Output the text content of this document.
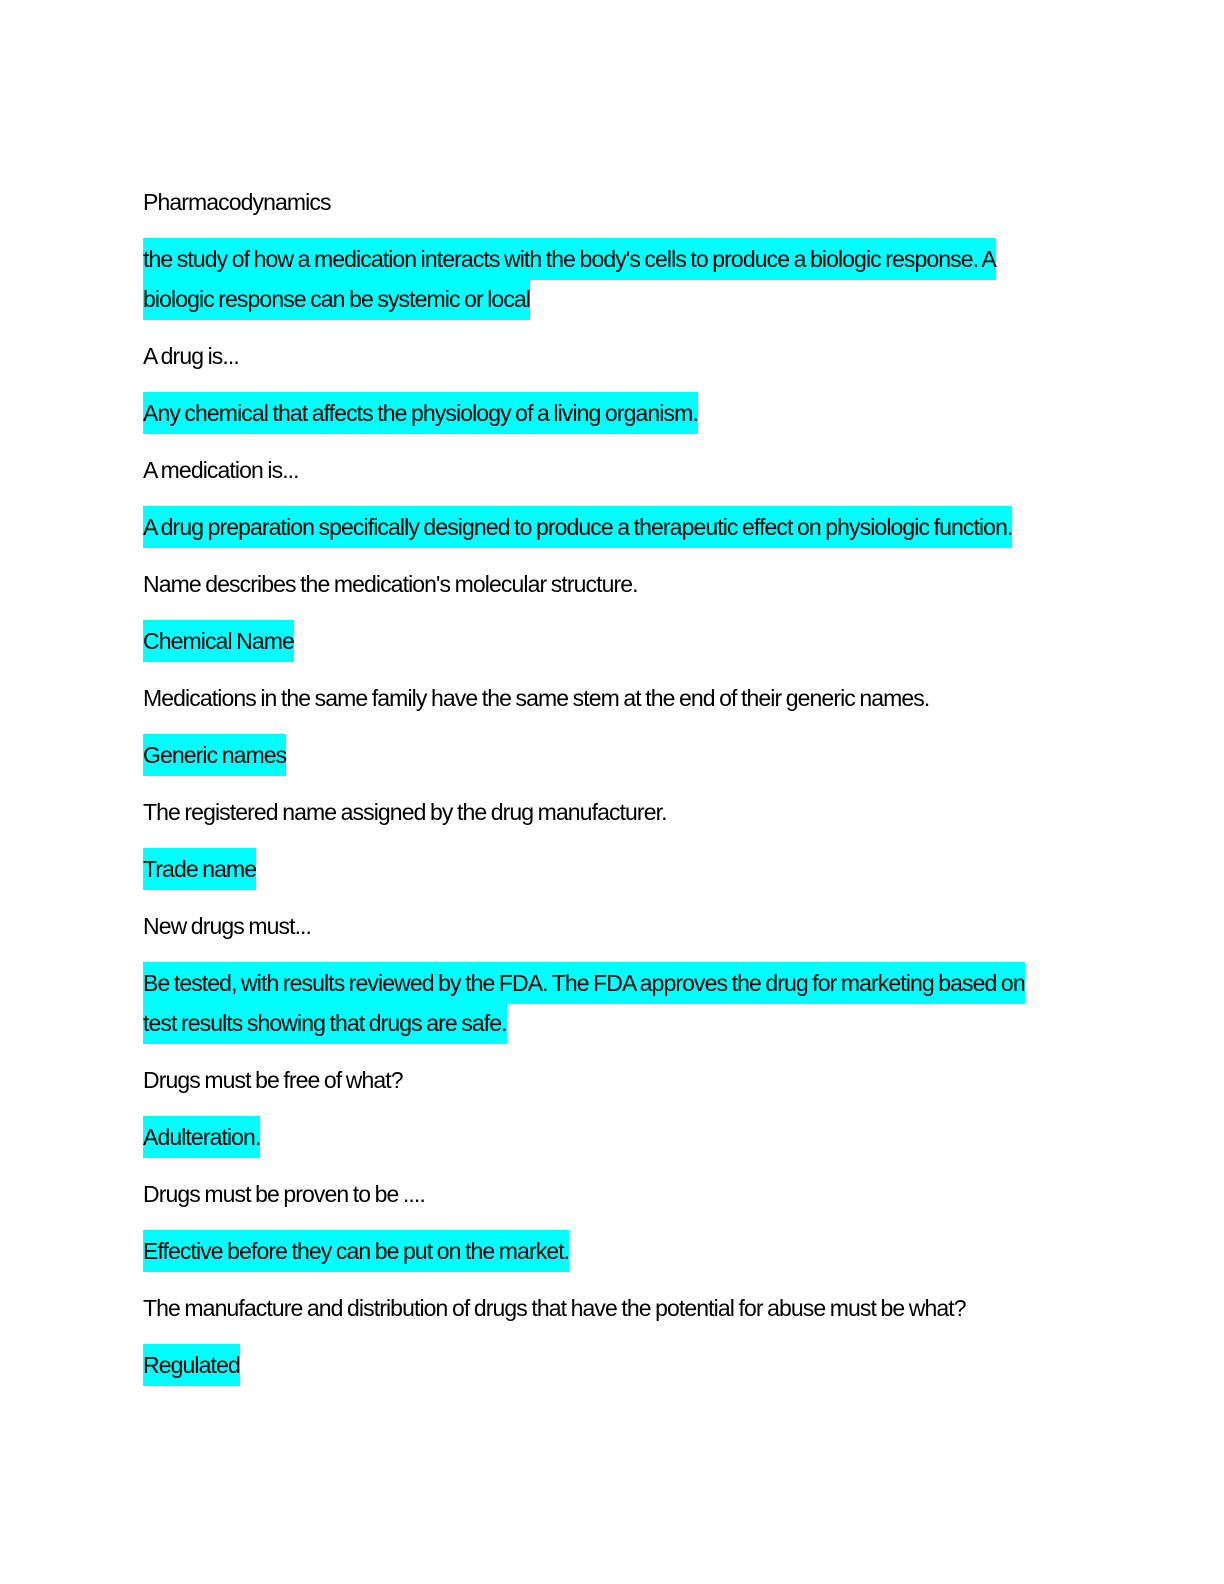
Pharmacodynamics

the study of how a medication interacts with the body's cells to produce a biologic response. A biologic response can be systemic or local

A drug is...

Any chemical that affects the physiology of a living organism.

A medication is...

A drug preparation specifically designed to produce a therapeutic effect on physiologic function.

Name describes the medication's molecular structure.

Chemical Name

Medications in the same family have the same stem at the end of their generic names.

Generic names

The registered name assigned by the drug manufacturer.

Trade name

New drugs must...

Be tested, with results reviewed by the FDA. The FDA approves the drug for marketing based on test results showing that drugs are safe.

Drugs must be free of what?

Adulteration.

Drugs must be proven to be ....

Effective before they can be put on the market.

The manufacture and distribution of drugs that have the potential for abuse must be what?

Regulated
